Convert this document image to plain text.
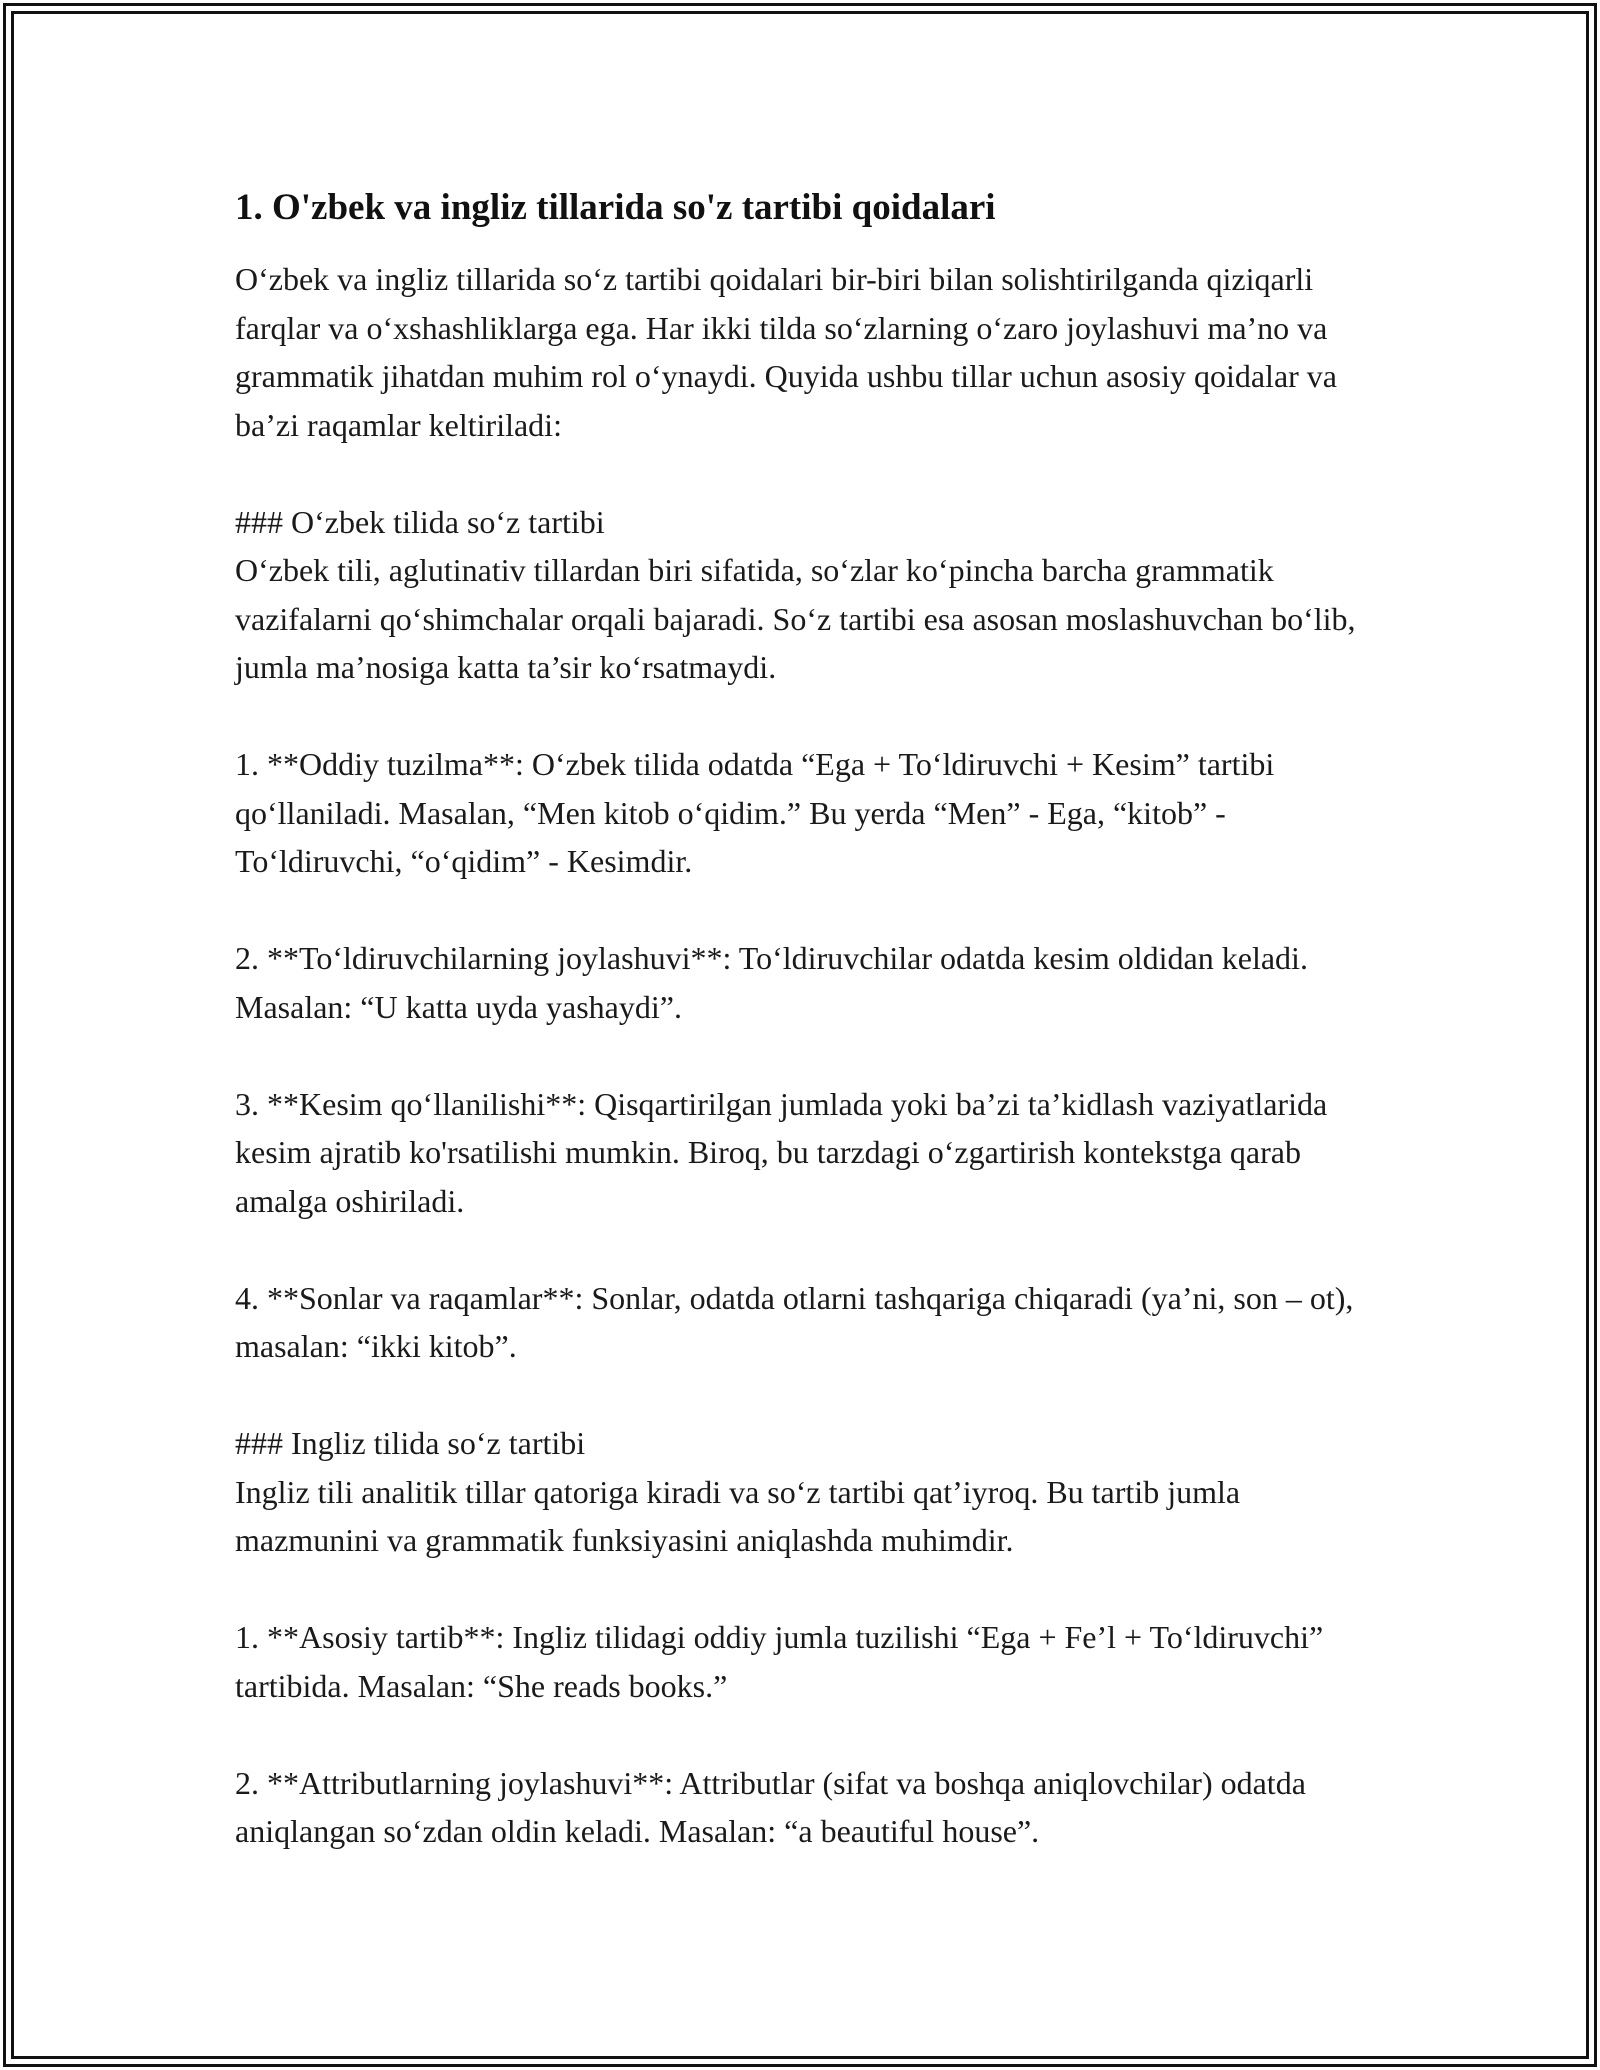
1. O'zbek va ingliz tillarida so'z tartibi qoidalari

O‘zbek va ingliz tillarida so‘z tartibi qoidalari bir-biri bilan solishtirilganda qiziqarli farqlar va o‘xshashliklarga ega. Har ikki tilda so‘zlarning o‘zaro joylashuvi ma’no va grammatik jihatdan muhim rol o‘ynaydi. Quyida ushbu tillar uchun asosiy qoidalar va ba’zi raqamlar keltiriladi:

### O‘zbek tilida so‘z tartibi

O‘zbek tili, aglutinativ tillardan biri sifatida, so‘zlar ko‘pincha barcha grammatik vazifalarni qo‘shimchalar orqali bajaradi. So‘z tartibi esa asosan moslashuvchan bo‘lib, jumla ma’nosiga katta ta’sir ko‘rsatmaydi.

1. **Oddiy tuzilma**: O‘zbek tilida odatda “Ega + To‘ldiruvchi + Kesim” tartibi qo‘llaniladi. Masalan, “Men kitob o‘qidim.” Bu yerda “Men” - Ega, “kitob” - To‘ldiruvchi, “o‘qidim” - Kesimdir.

2. **To‘ldiruvchilarning joylashuvi**: To‘ldiruvchilar odatda kesim oldidan keladi. Masalan: “U katta uyda yashaydi”.

3. **Kesim qo‘llanilishi**: Qisqartirilgan jumlada yoki ba’zi ta’kidlash vaziyatlarida kesim ajratib ko'rsatilishi mumkin. Biroq, bu tarzdagi o‘zgartirish kontekstga qarab amalga oshiriladi.

4. **Sonlar va raqamlar**: Sonlar, odatda otlarni tashqariga chiqaradi (ya’ni, son – ot), masalan: “ikki kitob”.

### Ingliz tilida so‘z tartibi

Ingliz tili analitik tillar qatoriga kiradi va so‘z tartibi qat’iyroq. Bu tartib jumla mazmunini va grammatik funksiyasini aniqlashda muhimdir.

1. **Asosiy tartib**: Ingliz tilidagi oddiy jumla tuzilishi “Ega + Fe’l + To‘ldiruvchi” tartibida. Masalan: “She reads books.”

2. **Attributlarning joylashuvi**: Attributlar (sifat va boshqa aniqlovchilar) odatda aniqlangan so‘zdan oldin keladi. Masalan: “a beautiful house”.
